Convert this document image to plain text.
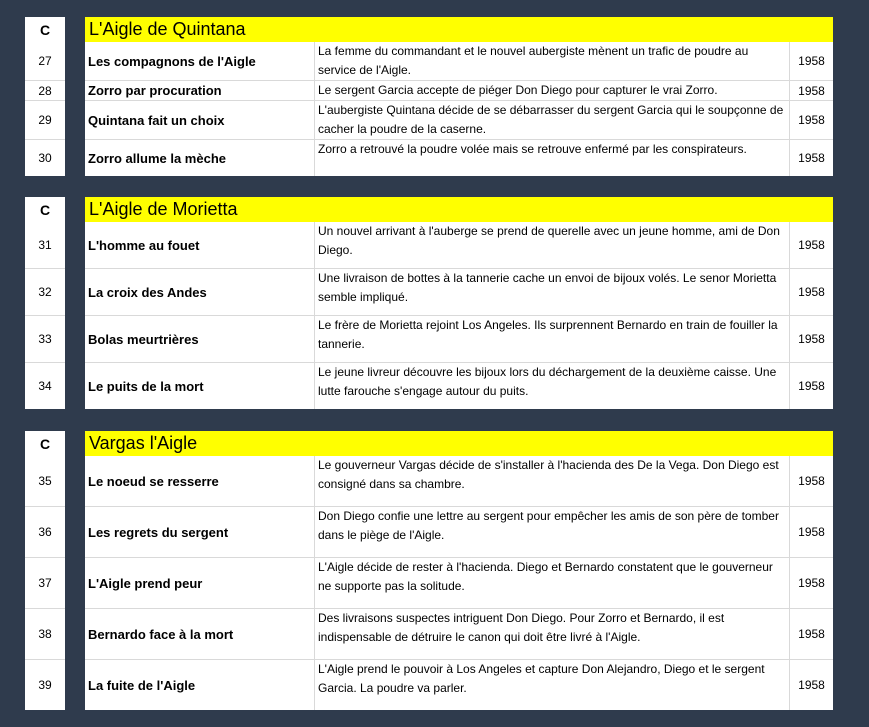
C		L'Aigle de Quintana		
27		Les compagnons de l'Aigle	La femme du commandant et le nouvel aubergiste mènent un trafic de poudre au service de l'Aigle.	1958
28		Zorro par procuration	Le sergent Garcia accepte de piéger Don Diego pour capturer le vrai Zorro.	1958
29		Quintana fait un choix	L'aubergiste Quintana décide de se débarrasser du sergent Garcia qui le soupçonne de cacher la poudre de la caserne.	1958
30		Zorro allume la mèche	Zorro a retrouvé la poudre volée mais se retrouve enfermé par les conspirateurs.	1958
C		L'Aigle de Morietta		
31		L'homme au fouet	Un nouvel arrivant à l'auberge se prend de querelle avec un jeune homme, ami de Don Diego.	1958
32		La croix des Andes	Une livraison de bottes à la tannerie cache un envoi de bijoux volés. Le senor Morietta semble impliqué.	1958
33		Bolas meurtrières	Le frère de Morietta rejoint Los Angeles. Ils surprennent Bernardo en train de fouiller la tannerie.	1958
34		Le puits de la mort	Le jeune livreur découvre les bijoux lors du déchargement de la deuxième caisse. Une lutte farouche s'engage autour du puits.	1958
C		Vargas l'Aigle		
35		Le noeud se resserre	Le gouverneur Vargas décide de s'installer à l'hacienda des De la Vega. Don Diego est consigné dans sa chambre.	1958
36		Les regrets du sergent	Don Diego confie une lettre au sergent pour empêcher les amis de son père de tomber dans le piège de l'Aigle.	1958
37		L'Aigle prend peur	L'Aigle décide de rester à l'hacienda. Diego et Bernardo constatent que le gouverneur ne supporte pas la solitude.	1958
38		Bernardo face à la mort	Des livraisons suspectes intriguent Don Diego. Pour Zorro et Bernardo, il est indispensable de détruire le canon qui doit être livré à l'Aigle.	1958
39		La fuite de l'Aigle	L'Aigle prend le pouvoir à Los Angeles et capture Don Alejandro, Diego et le sergent Garcia. La poudre va parler.	1958
